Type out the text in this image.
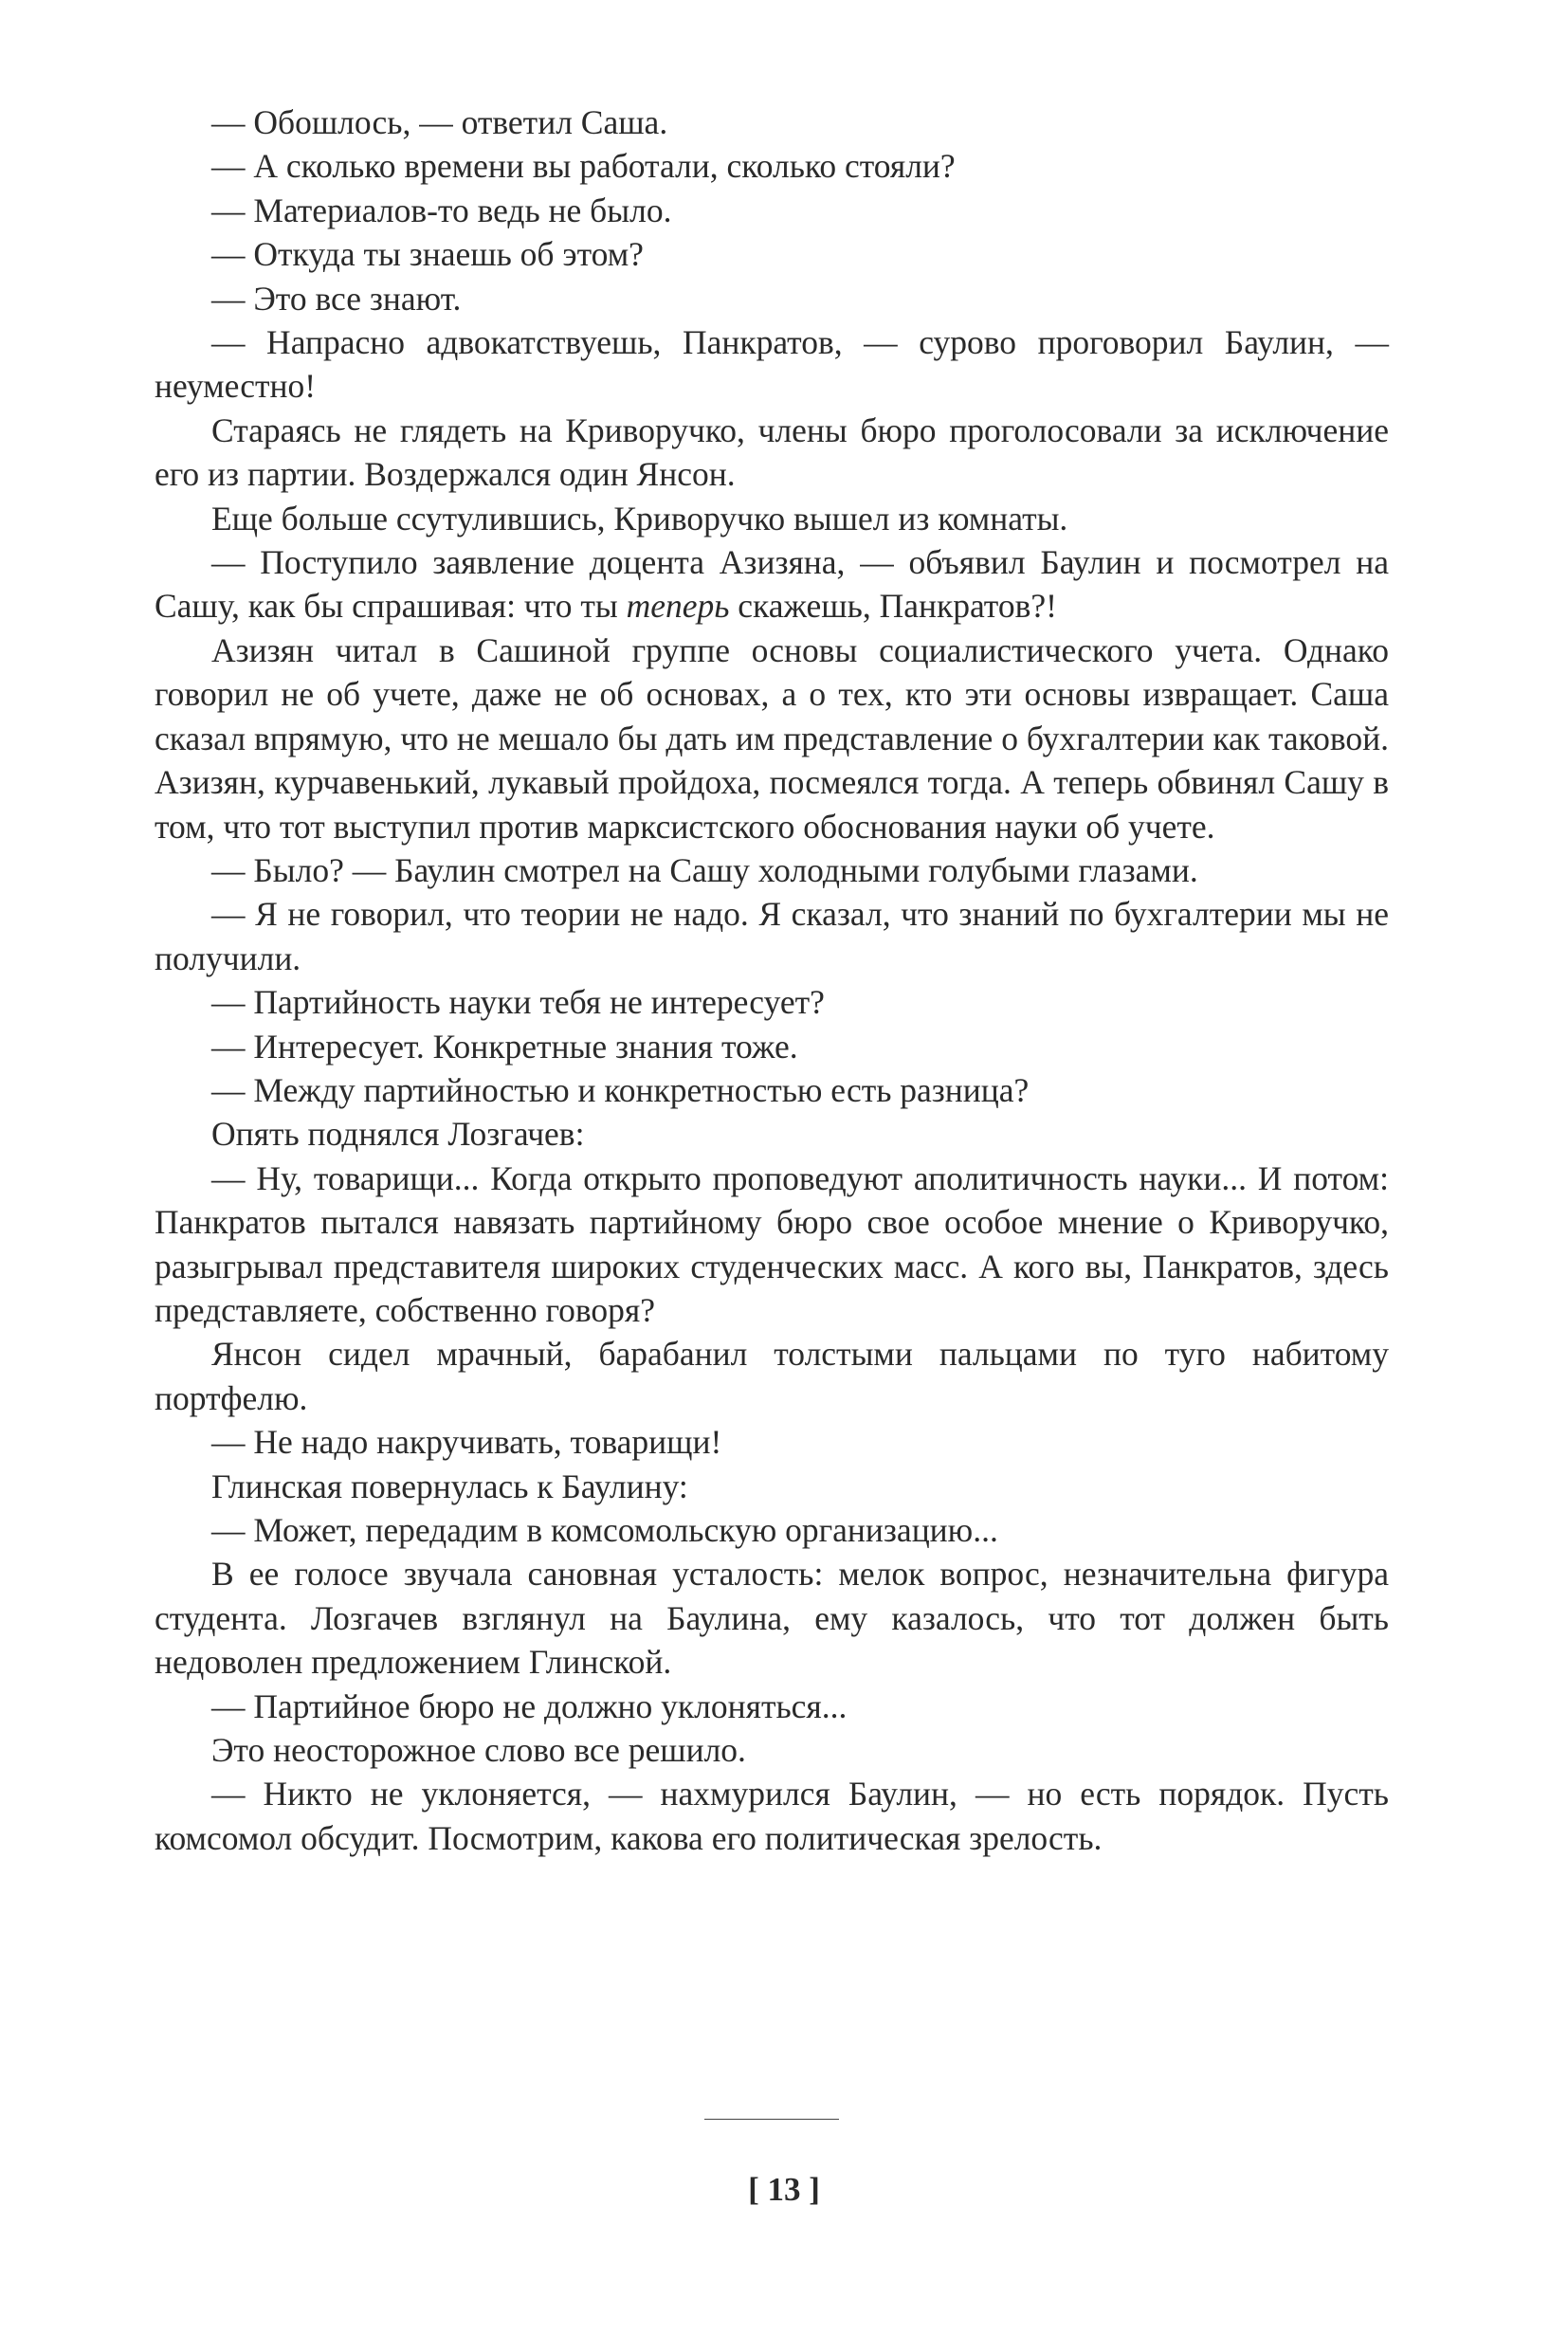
— Обошлось, — ответил Саша.

— А сколько времени вы работали, сколько стояли?

— Материалов-то ведь не было.

— Откуда ты знаешь об этом?

— Это все знают.

— Напрасно адвокатствуешь, Панкратов, — сурово проговорил Баулин, — неуместно!

Стараясь не глядеть на Криворучко, члены бюро проголосовали за исключение его из партии. Воздержался один Янсон.

Еще больше ссутулившись, Криворучко вышел из комнаты.

— Поступило заявление доцента Азизяна, — объявил Баулин и посмотрел на Сашу, как бы спрашивая: что ты теперь скажешь, Панкратов?!

Азизян читал в Сашиной группе основы социалистического учета. Однако говорил не об учете, даже не об основах, а о тех, кто эти основы извращает. Саша сказал впрямую, что не мешало бы дать им представление о бухгалтерии как таковой. Азизян, курчавенький, лукавый пройдоха, посмеялся тогда. А теперь обвинял Сашу в том, что тот выступил против марксистского обоснования науки об учете.

— Было? — Баулин смотрел на Сашу холодными голубыми глазами.

— Я не говорил, что теории не надо. Я сказал, что знаний по бухгалтерии мы не получили.

— Партийность науки тебя не интересует?

— Интересует. Конкретные знания тоже.

— Между партийностью и конкретностью есть разница?

Опять поднялся Лозгачев:

— Ну, товарищи... Когда открыто проповедуют аполитичность науки... И потом: Панкратов пытался навязать партийному бюро свое особое мнение о Криворучко, разыгрывал представителя широких студенческих масс. А кого вы, Панкратов, здесь представляете, собственно говоря?

Янсон сидел мрачный, барабанил толстыми пальцами по туго набитому портфелю.

— Не надо накручивать, товарищи!

Глинская повернулась к Баулину:

— Может, передадим в комсомольскую организацию...

В ее голосе звучала сановная усталость: мелок вопрос, незначительна фигура студента. Лозгачев взглянул на Баулина, ему казалось, что тот должен быть недоволен предложением Глинской.

— Партийное бюро не должно уклоняться...

Это неосторожное слово все решило.

— Никто не уклоняется, — нахмурился Баулин, — но есть порядок. Пусть комсомол обсудит. Посмотрим, какова его политическая зрелость.

[ 13 ]
